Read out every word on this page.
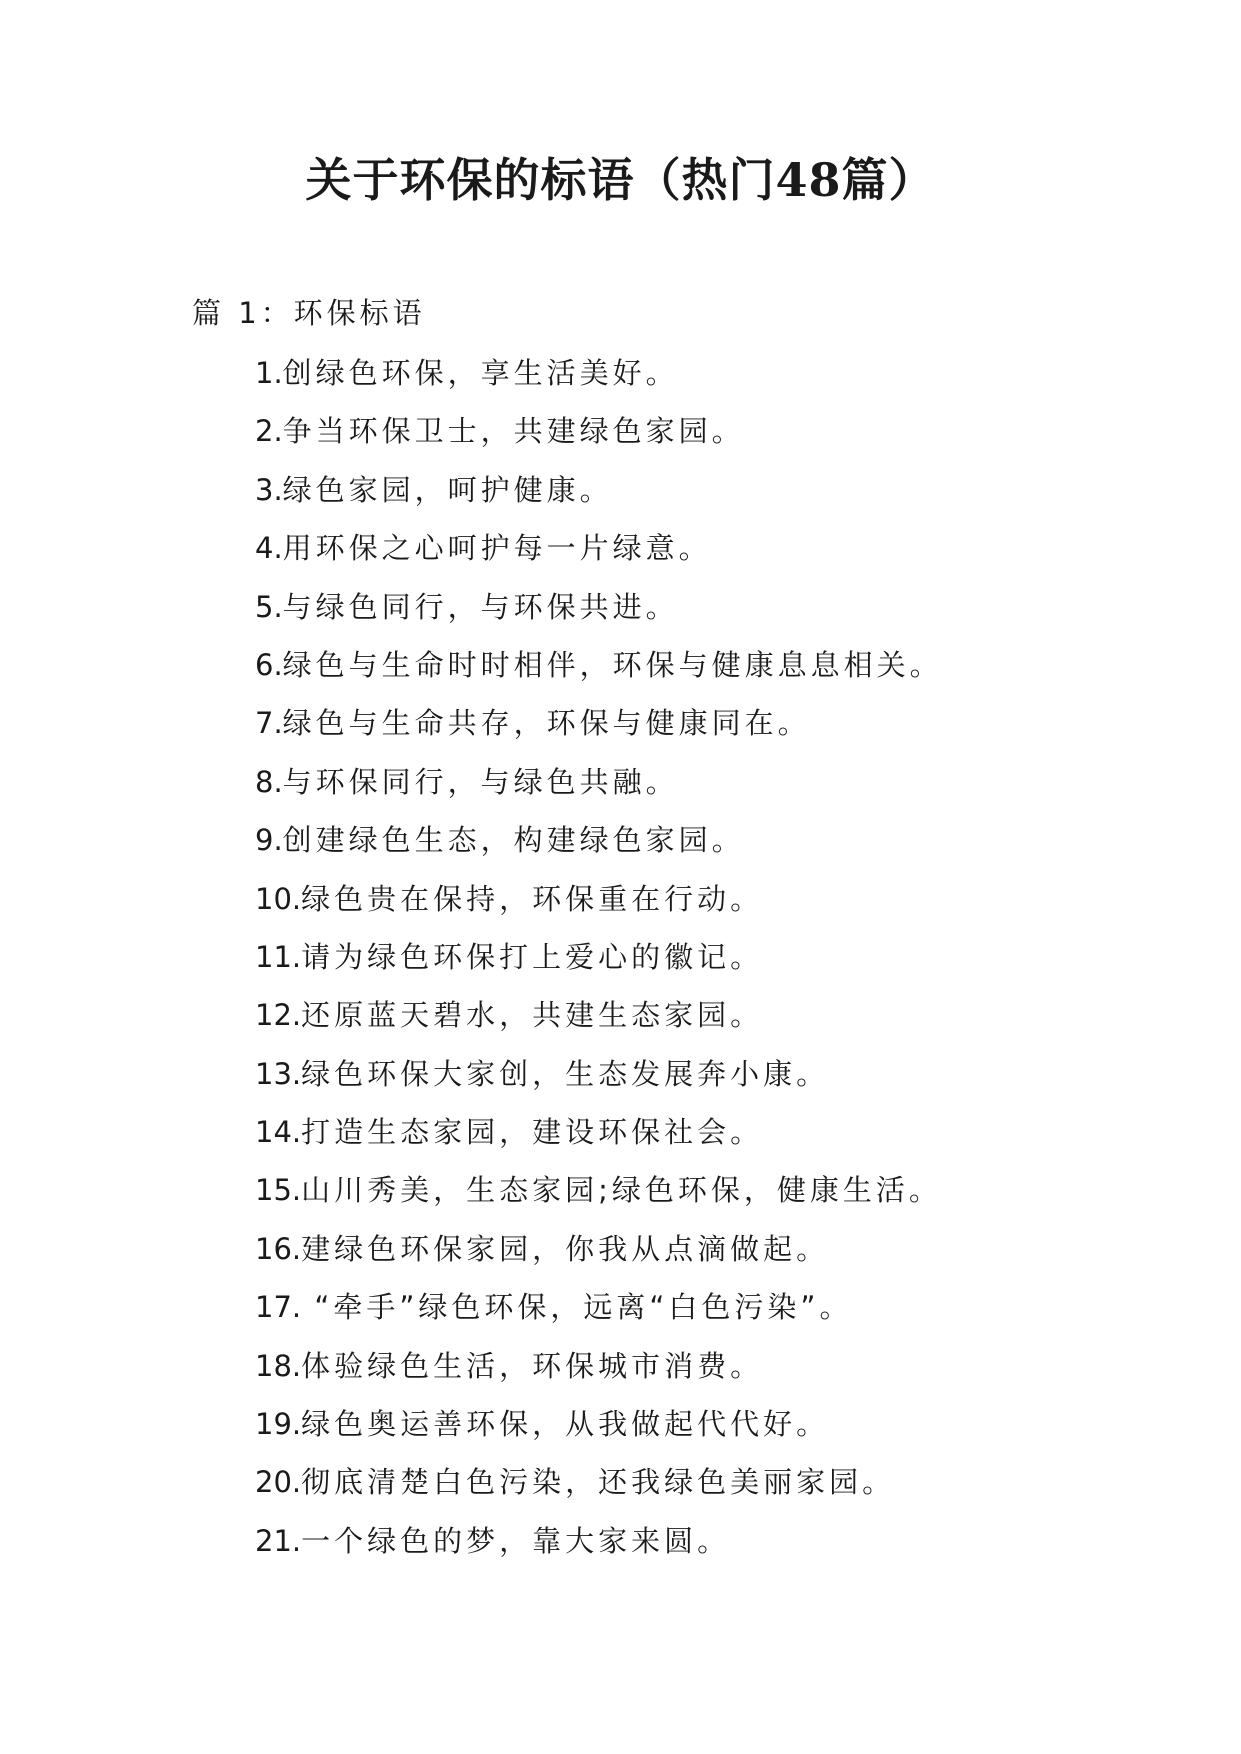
关于环保的标语（热门48篇）
篇 1：环保标语
1.创绿色环保，享生活美好。
2.争当环保卫士，共建绿色家园。
3.绿色家园，呵护健康。
4.用环保之心呵护每一片绿意。
5.与绿色同行，与环保共进。
6.绿色与生命时时相伴，环保与健康息息相关。
7.绿色与生命共存，环保与健康同在。
8.与环保同行，与绿色共融。
9.创建绿色生态，构建绿色家园。
10.绿色贵在保持，环保重在行动。
11.请为绿色环保打上爱心的徽记。
12.还原蓝天碧水，共建生态家园。
13.绿色环保大家创，生态发展奔小康。
14.打造生态家园，建设环保社会。
15.山川秀美，生态家园;绿色环保，健康生活。
16.建绿色环保家园，你我从点滴做起。
17. “牵手”绿色环保，远离“白色污染”。
18.体验绿色生活，环保城市消费。
19.绿色奥运善环保，从我做起代代好。
20.彻底清楚白色污染，还我绿色美丽家园。
21.一个绿色的梦，靠大家来圆。
